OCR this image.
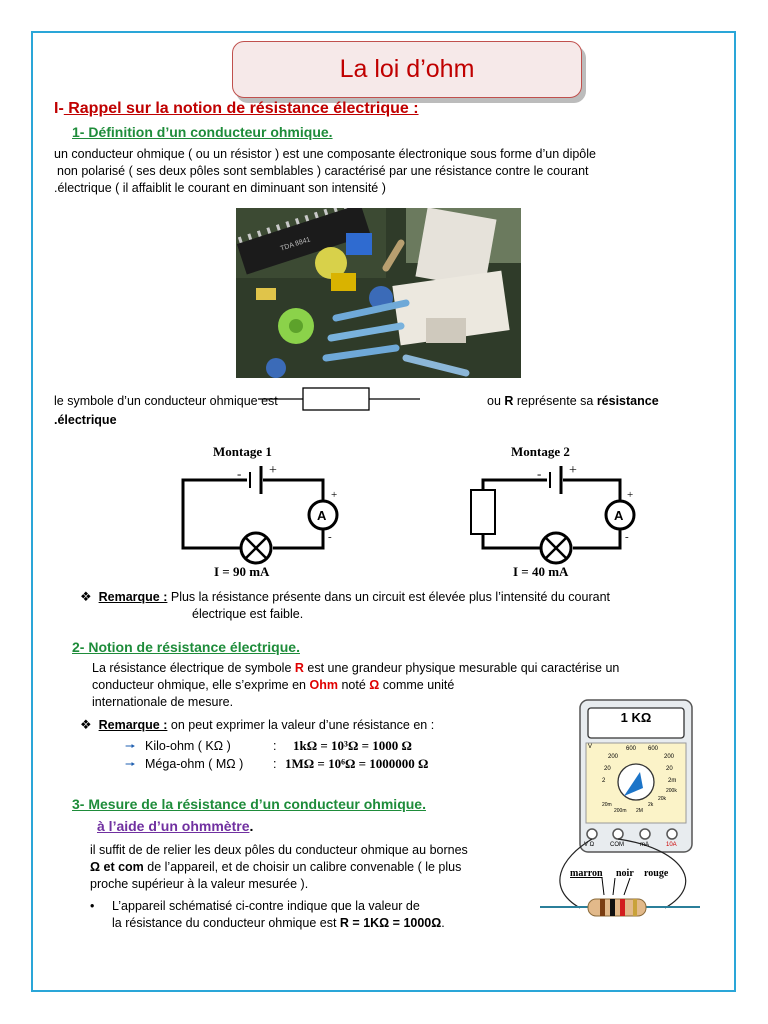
La loi d’ohm
I- Rappel sur la notion de résistance électrique :
1- Définition d’un conducteur ohmique.
un conducteur ohmique ( ou un résistor ) est une composante électronique sous forme d’un dipôle
non polarisé ( ses deux pôles sont semblables ) caractérisé par une résistance contre le courant
.électrique ( il affaiblit le courant en diminuant son intensité )
TDA 8841
le symbole d’un conducteur ohmique est	ou R représente sa résistance
.électrique
Montage 1
- +
A
+
-
I = 90 mA
Montage 2
- +
A
+
-
I = 40 mA
❖ Remarque : Plus la résistance présente dans un circuit est élevée plus l’intensité du courant
électrique est faible.
2- Notion de résistance électrique.
La résistance électrique de symbole R est une grandeur physique mesurable qui caractérise un
conducteur ohmique, elle s’exprime en Ohm noté Ω comme unité
internationale de mesure.
❖ Remarque : on peut exprimer la valeur d’une résistance en :
🠖 Kilo-ohm ( KΩ )	: 1kΩ = 10³Ω = 1000 Ω
🠖 Méga-ohm ( MΩ ) : 1MΩ = 10⁶Ω = 1000000 Ω
3- Mesure de la résistance d’un conducteur ohmique.
à l’aide d’un ohmmètre.
il suffit de de relier les deux pôles du conducteur ohmique au bornes
Ω et com de l’appareil, et de choisir un calibre convenable ( le plus
proche supérieur à la valeur mesurée ).
• L’appareil schématisé ci-contre indique que la valeur de
la résistance du conducteur ohmique est R = 1KΩ = 1000Ω.
1 KΩ
V	600 600
200	200
20	20
2	2m
20m
200m
2k
20k
200k
2M
V Ω	COM	mA	10A
marron noir rouge
